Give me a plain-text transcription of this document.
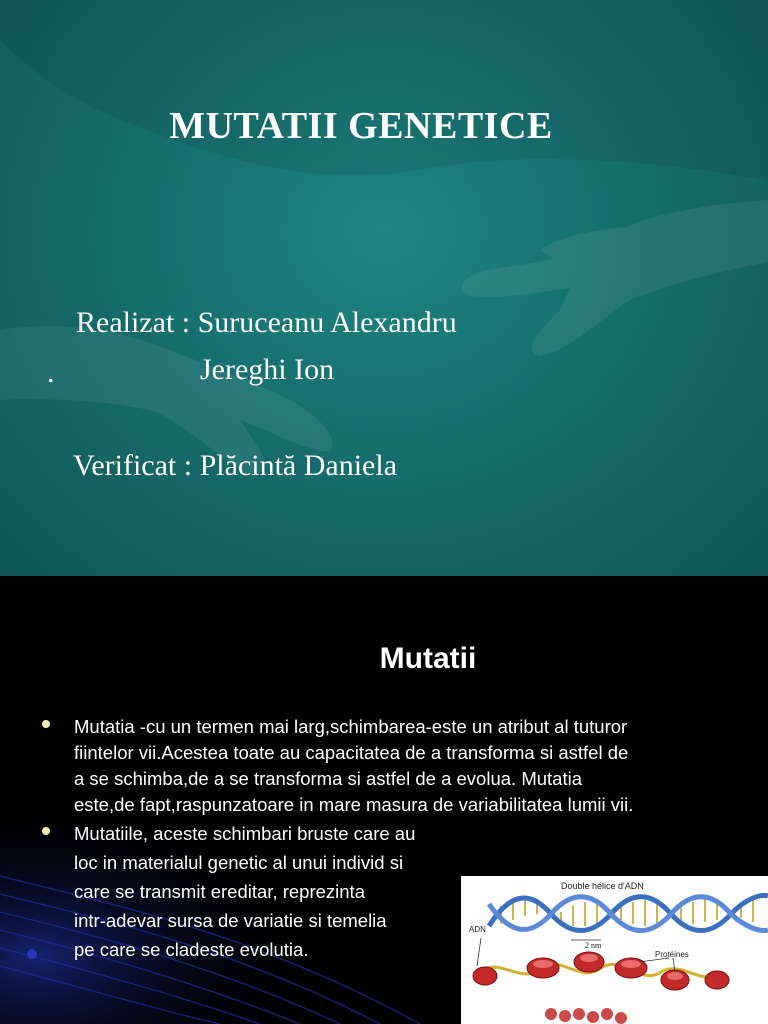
MUTATII GENETICE
Realizat : Suruceanu Alexandru
.	Jereghi Ion
Verificat : Plăcintă Daniela
Mutatii
Mutatia -cu un termen mai larg,schimbarea-este un atribut al tuturor
fiintelor vii.Acestea toate au capacitatea de a transforma si astfel de
a se schimba,de a se transforma si astfel de a evolua. Mutatia
este,de fapt,raspunzatoare in mare masura de variabilitatea lumii vii.
Mutatiile, aceste schimbari bruste care au
loc in materialul genetic al unui individ si
care se transmit ereditar, reprezinta
intr-adevar sursa de variatie si temelia
pe care se cladeste evolutia.
Double hélice d'ADN
ADN
2 nm
Protéines
